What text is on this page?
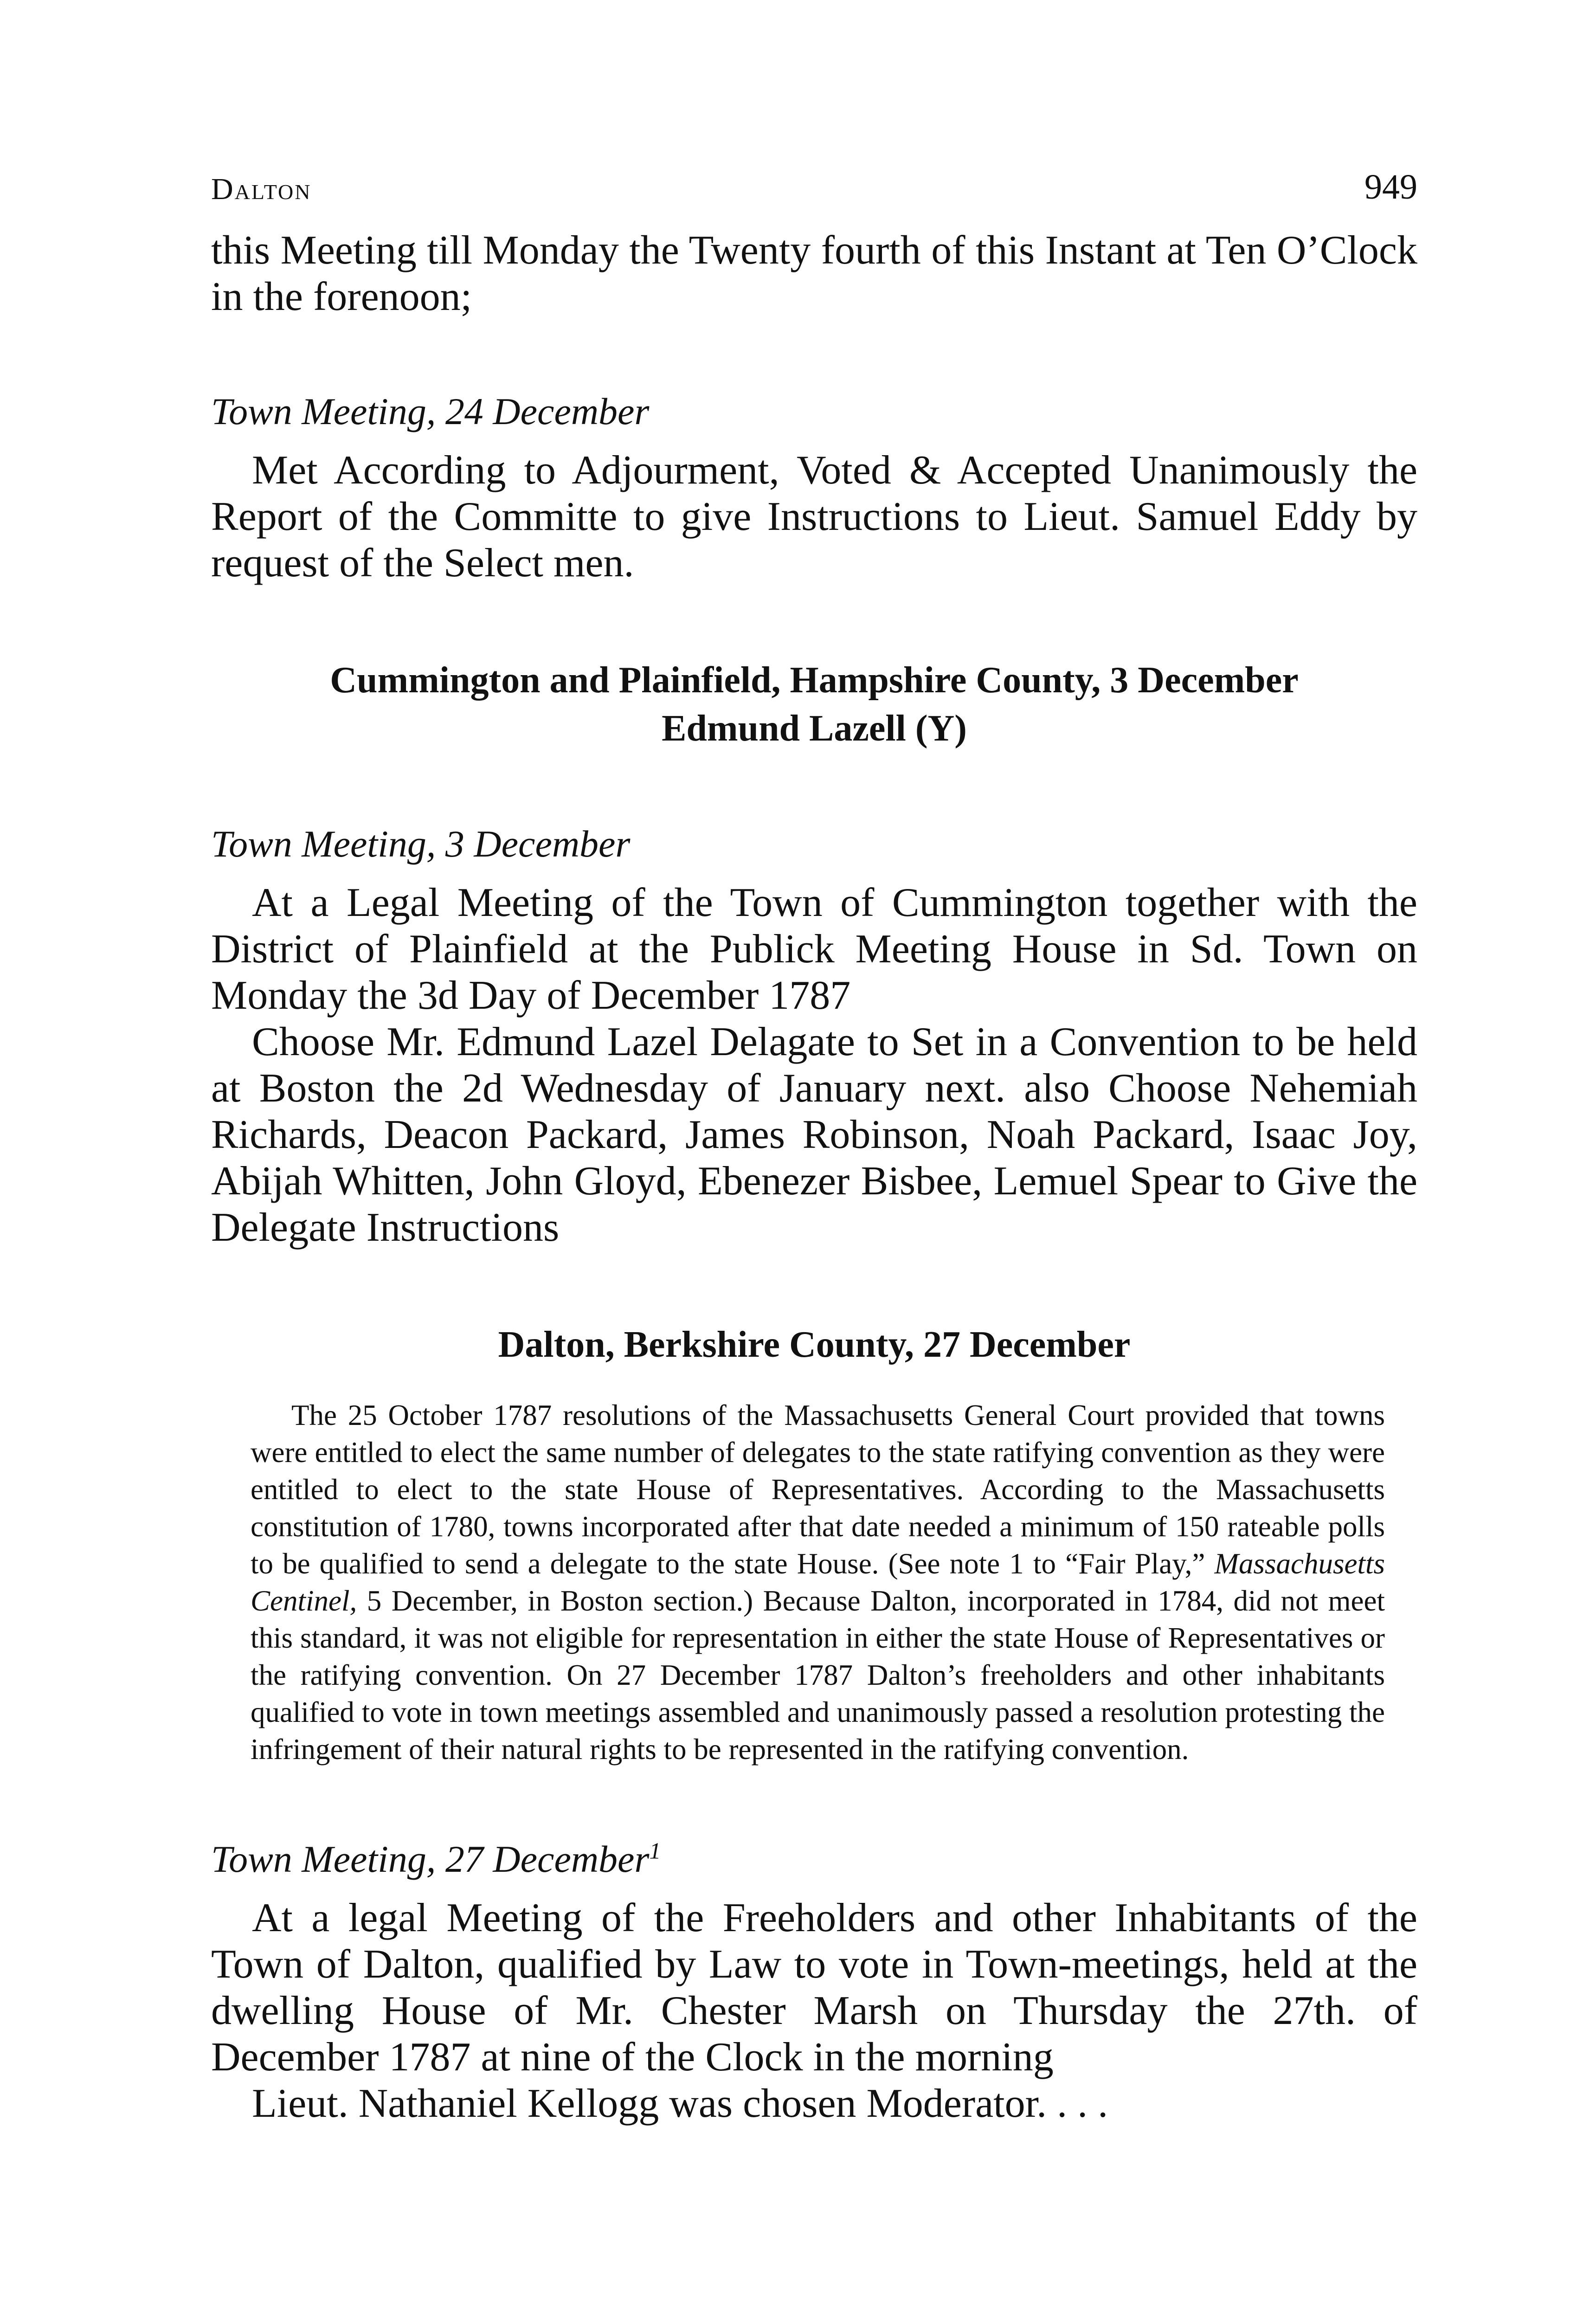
Dalton	949

this Meeting till Monday the Twenty fourth of this Instant at Ten O’Clock in the forenoon;

Town Meeting, 24 December

Met According to Adjourment, Voted & Accepted Unanimously the Report of the Committe to give Instructions to Lieut. Samuel Eddy by request of the Select men.

Cummington and Plainfield, Hampshire County, 3 December
Edmund Lazell (Y)
Town Meeting, 3 December

At a Legal Meeting of the Town of Cummington together with the District of Plainfield at the Publick Meeting House in Sd. Town on Monday the 3d Day of December 1787

Choose Mr. Edmund Lazel Delagate to Set in a Convention to be held at Boston the 2d Wednesday of January next. also Choose Nehemiah Richards, Deacon Packard, James Robinson, Noah Packard, Isaac Joy, Abijah Whitten, John Gloyd, Ebenezer Bisbee, Lemuel Spear to Give the Delegate Instructions

Dalton, Berkshire County, 27 December

The 25 October 1787 resolutions of the Massachusetts General Court provided that towns were entitled to elect the same number of delegates to the state ratifying convention as they were entitled to elect to the state House of Representatives. According to the Massachusetts constitution of 1780, towns incorporated after that date needed a minimum of 150 rateable polls to be qualified to send a delegate to the state House. (See note 1 to “Fair Play,” Massachusetts Centinel, 5 December, in Boston section.) Because Dalton, incorporated in 1784, did not meet this standard, it was not eligible for representation in either the state House of Representatives or the ratifying convention. On 27 December 1787 Dalton’s freeholders and other inhabitants qualified to vote in town meetings assembled and unanimously passed a resolution protesting the infringement of their natural rights to be represented in the ratifying convention.

Town Meeting, 27 December$^1$

At a legal Meeting of the Freeholders and other Inhabitants of the Town of Dalton, qualified by Law to vote in Town-meetings, held at the dwelling House of Mr. Chester Marsh on Thursday the 27th. of December 1787 at nine of the Clock in the morning

Lieut. Nathaniel Kellogg was chosen Moderator. . . .
